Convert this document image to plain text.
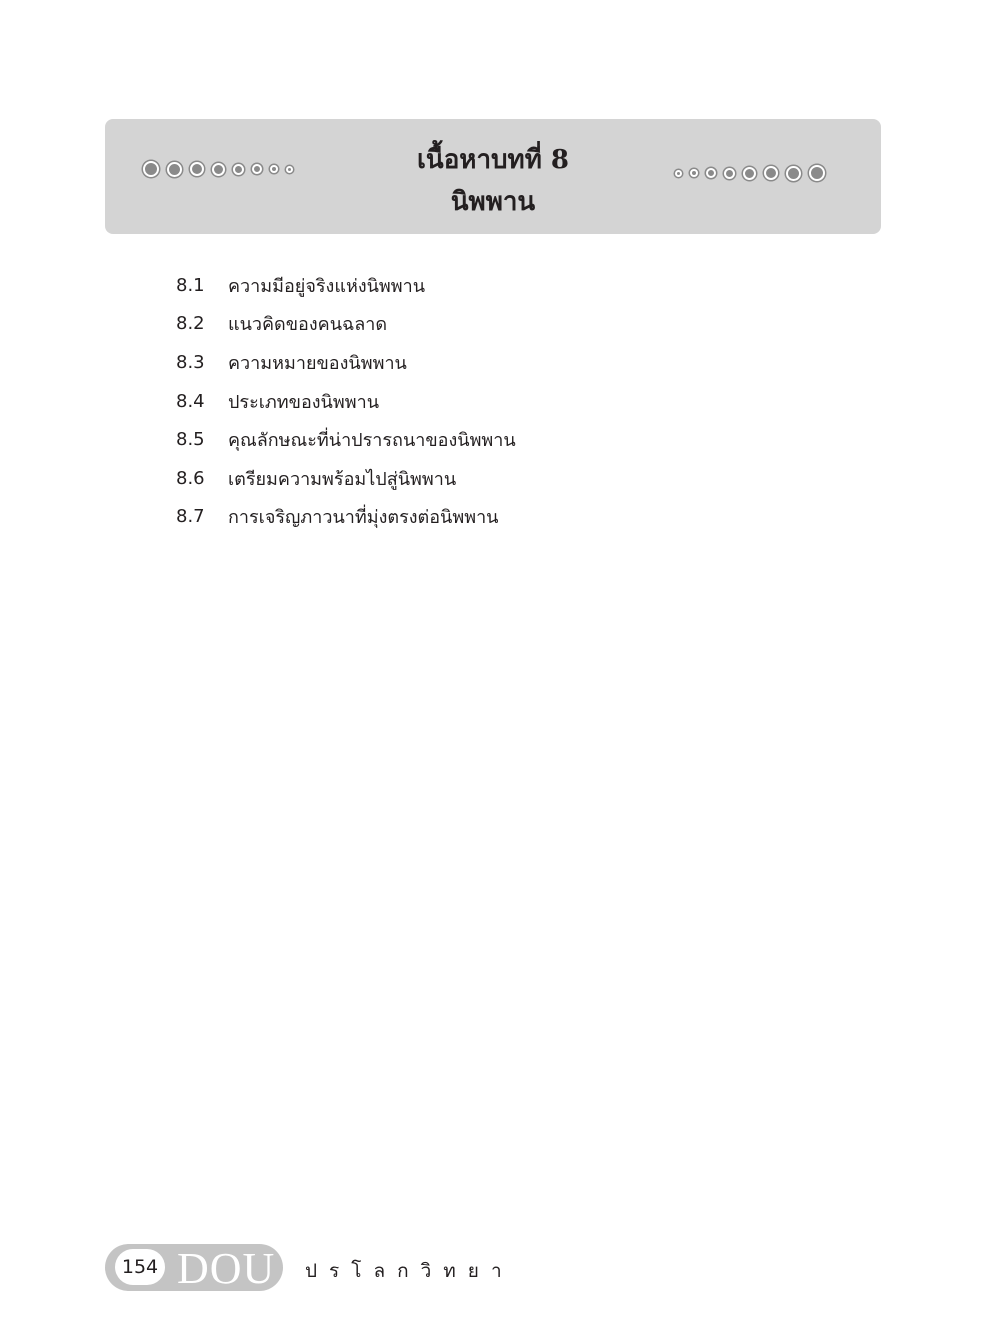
เนื้อหาบทที่ 8
นิพพาน
8.1	ความมีอยู่จริงแห่งนิพพาน
8.2	แนวคิดของคนฉลาด
8.3	ความหมายของนิพพาน
8.4	ประเภทของนิพพาน
8.5	คุณลักษณะที่น่าปรารถนาของนิพพาน
8.6	เตรียมความพร้อมไปสู่นิพพาน
8.7	การเจริญภาวนาที่มุ่งตรงต่อนิพพาน
154 DOU ปรโลกวิทยา
